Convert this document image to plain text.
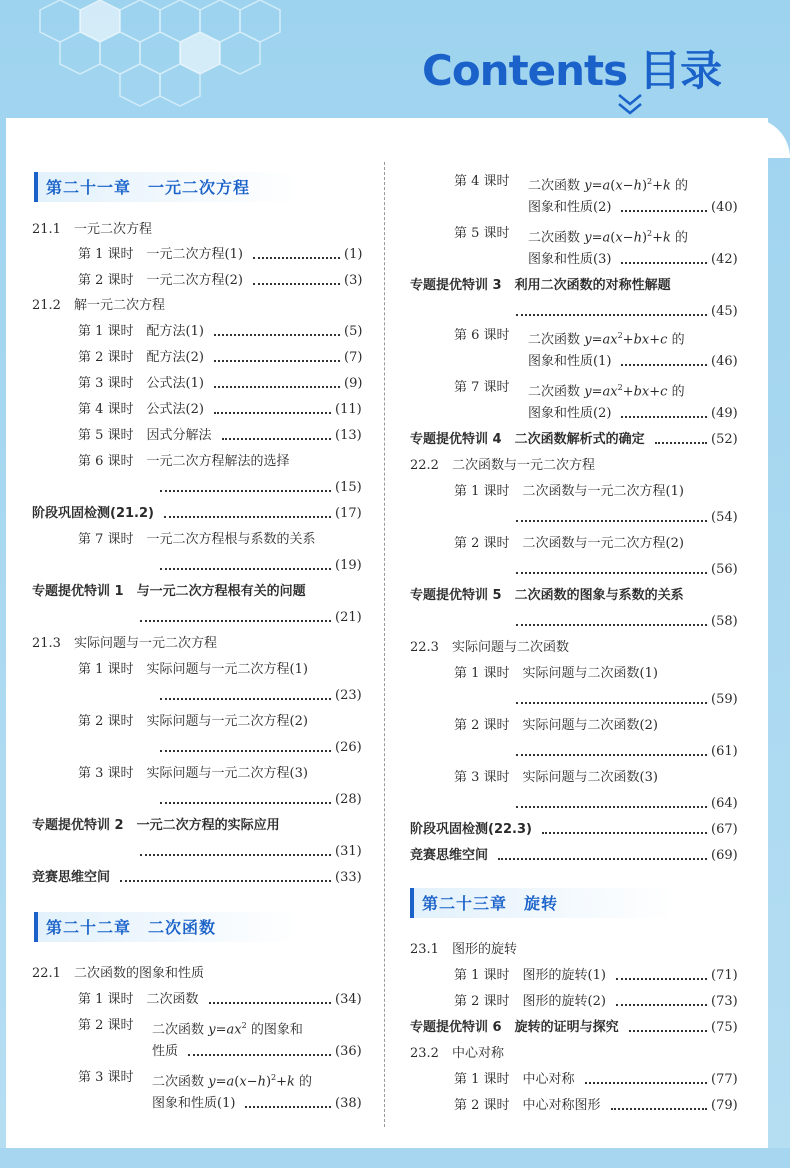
Contents 目录
第二十一章　一元二次方程
第二十二章　二次函数
第二十三章　旋转
21.1　一元二次方程
第 1 课时　一元二次方程(1)	(1)
第 2 课时　一元二次方程(2)	(3)
21.2　解一元二次方程
第 1 课时　配方法(1)	(5)
第 2 课时　配方法(2)	(7)
第 3 课时　公式法(1)	(9)
第 4 课时　公式法(2)	(11)
第 5 课时　因式分解法	(13)
第 6 课时　一元二次方程解法的选择
(15)
阶段巩固检测(21.2)	(17)
第 7 课时　一元二次方程根与系数的关系
(19)
专题提优特训 1　与一元二次方程根有关的问题
(21)
21.3　实际问题与一元二次方程
第 1 课时　实际问题与一元二次方程(1)
(23)
第 2 课时　实际问题与一元二次方程(2)
(26)
第 3 课时　实际问题与一元二次方程(3)
(28)
专题提优特训 2　一元二次方程的实际应用
(31)
竞赛思维空间	(33)
22.1　二次函数的图象和性质
第 1 课时　二次函数	(34)
第 2 课时 二次函数 $y=ax^2$ 的图象和
性质	(36)
第 3 课时 二次函数 $y=a(x-h)^2+k$ 的
图象和性质(1)	(38)
第 4 课时 二次函数 $y=a(x-h)^2+k$ 的
图象和性质(2)	(40)
第 5 课时 二次函数 $y=a(x-h)^2+k$ 的
图象和性质(3)	(42)
专题提优特训 3　利用二次函数的对称性解题
(45)
第 6 课时 二次函数 $y=ax^2+bx+c$ 的
图象和性质(1)	(46)
第 7 课时 二次函数 $y=ax^2+bx+c$ 的
图象和性质(2)	(49)
专题提优特训 4　二次函数解析式的确定	(52)
22.2　二次函数与一元二次方程
第 1 课时　二次函数与一元二次方程(1)
(54)
第 2 课时　二次函数与一元二次方程(2)
(56)
专题提优特训 5　二次函数的图象与系数的关系
(58)
22.3　实际问题与二次函数
第 1 课时　实际问题与二次函数(1)
(59)
第 2 课时　实际问题与二次函数(2)
(61)
第 3 课时　实际问题与二次函数(3)
(64)
阶段巩固检测(22.3)	(67)
竞赛思维空间	(69)
23.1　图形的旋转
第 1 课时　图形的旋转(1)	(71)
第 2 课时　图形的旋转(2)	(73)
专题提优特训 6　旋转的证明与探究	(75)
23.2　中心对称
第 1 课时　中心对称	(77)
第 2 课时　中心对称图形	(79)
